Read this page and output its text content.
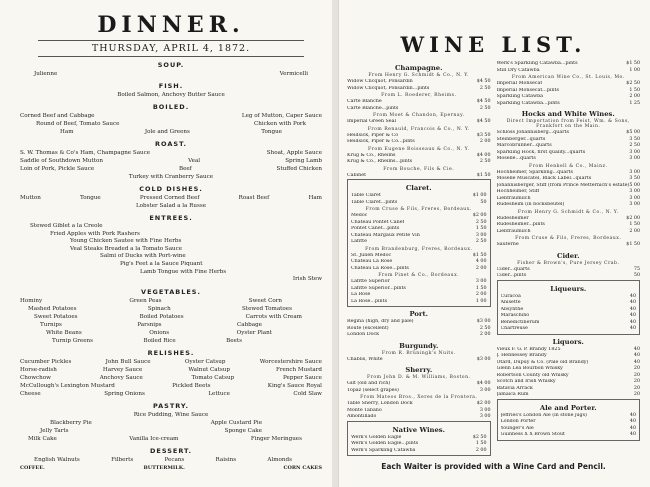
DINNER.
THURSDAY, APRIL 4, 1872.
SOUP.
Julienne	Vermicelli
FISH.
Boiled Salmon, Anchovy Butter Sauce
BOILED.
Corned Beef and Cabbage	Leg of Mutton, Caper Sauce
Round of Beef, Tomato Sauce	Chicken with Pork
Ham	Jole and Greens	Tongue
ROAST.
S. W. Thomas & Co's Ham, Champagne Sauce	Shoat, Apple Sauce
Saddle of Southdown Mutton	Veal	Spring Lamb
Loin of Pork, Pickle Sauce	Beef	Stuffed Chicken
Turkey with Cranberry Sauce
COLD DISHES.
Mutton	Tongue	Pressed Corned Beef	Roast Beef	Ham
Lobster Salad a la Russe
ENTREES.
Stewed Giblet a la Creole
Fried Apples with Pork Rashers
Young Chicken Sautee with Fine Herbs
Veal Steaks Breaded a la Tomato Sauce
Salmi of Ducks with Port-wine
Pig's Feet a la Sauce Piquant
Lamb Tongue with Fine Herbs
Irish Stew
VEGETABLES.
Hominy	Green Peas	Sweet Corn
Mashed Potatoes	Spinach	Stewed Tomatoes
Sweet Potatoes	Boiled Potatoes	Carrots with Cream
Turnips	Parsnips	Cabbage
White Beans	Onions	Oyster Plant
Turnip Greens	Boiled Rice	Beets
RELISHES.
Cucumber Pickles	John Bull Sauce	Oyster Catsup	Worcestershire Sauce
Horse-radish	Harvey Sauce	Walnut Catsup	French Mustard
Chowchow	Anchovy Sauce	Tomato Catsup	Pepper Sauce
McCullough's Lexington Mustard	Pickled Beets	King's Sauce Royal
Cheese	Spring Onions	Lettuce	Cold Slaw
PASTRY.
Rice Pudding, Wine Sauce
Blackberry Pie	Apple Custard Pie
Jelly Tarts	Sponge Cake
Milk Cake	Vanilla Ice-cream	Finger Meringues
DESSERT.
English Walnuts	Filberts	Pecans	Raisins	Almonds
COFFEE.	BUTTERMILK.	CORN CAKES
WINE LIST.
Champagne.
From Henry G. Schmidt & Co., N. Y.
Widow Clicquot, Ponsardin	$4 50
Widow Clicquot, Ponsardin...pints	2 50
From L. Roederer, Rheims.
Carte Blanche	$4 50
Carte Blanche...pints	2 50
From Moet & Chandon, Epernay.
Imperial Green Seal	$4 50
From Renauld, Francois & Co., N. Y.
Heidsick, Piper & Co	$3 50
Heidsick, Piper & Co...pints	2 00
From Eugene Boisseaux & Co., N. Y.
Krug & Co., Rheims	$4 00
Krug & Co., Rheims...pints	2 50
From Bouche, Fils & Cie.
Cabinet	$1 50
Claret.
Table Claret	$1 00
Table Claret...pints	50
From Cruse & Fils, Freres, Bordeaux.
Medoc	$2 00
Chateau Pontet Canet	2 50
Pontet Canet...pints	1 50
Chateau Margaux Petite Vin	3 00
Lafitte	2 50
From Brandenburg, Freres, Bordeaux.
St. Julien Medoc	$1 50
Chateau La Rose	4 00
Chateau La Rose...pints	2 00
From Pinet & Co., Bordeaux.
Lafitte Superior	3 00
Lafitte Superior...pints	1 50
La Rose	2 00
La Rose...pints	1 00
Port.
Regina (high, dry and pale)	$3 00
Route (excellent)	2 50
London Dock	2 00
Burgundy.
From R. Brüningk's Nuits.
Chablis, White	$3 00
Sherry.
From John D. & M. Williams, Boston.
Gilt (old and rich)	$4 00
Topaz (select grapes)	3 00
From Mateos Bros., Xeres de la Frontera.
Table Sherry, London Dock	$2 00
Monte Tabano	3 00
Amontillado	3 00
Native Wines.
Werk's Golden Eagle	$2 50
Werk's Golden Eagle...pints	1 50
Werk's Sparkling Catawba	2 00
Werk's Sparkling Catawba...pints	$1 50
Still Dry Catawba	1 00
From American Wine Co., St. Louis, Mo.
Imperial Monsecat	$2 50
Imperial Monsecat...pints	1 50
Sparkling Catawba	2 00
Sparkling Catawba...pints	1 25
Hocks and White Wines.
Direct Importation from Feist, Wm. & Sons, Frankfort on the Main.
Schloss Johannisberg...quarts	$5 00
Steinberger...quarts	3 50
Marcobrunner...quarts	2 50
Sparkling Hock, first quality...quarts	3 00
Moselle...quarts	3 00
From Henkell & Co., Mainz.
Hochheimer, Sparkling...quarts	3 00
Moselle Muscatel, Black Label...quarts	3 50
Johannisberger, Stiff (from Prince Metternich's estate) 5 00
Hochheimer, Stiff	3 00
Liebfraumilch	3 00
Rüdesheim (in bocksbeutel)	3 00
From Henry G. Schmidt & Co., N. Y.
Rüdesheimer	$2 00
Rüdesheimer...pints	1 50
Liebfraumilch	2 00
From Cruse & Fils, Freres, Bordeaux.
Sauterne	$1 50
Cider.
Fisher & Brown's, Pure Jersey Crab.
Cider...quarts	75
Cider...pints	50
Liqueurs.
Curacoa	40
Anisette	40
Absynthe	40
Maraschino	40
Benedictinerum	40
Chartreuse	40
Liquors.
Vieux F. G. P. Brandy 1825	40
J. Hennessey Brandy	40
Otard, Dupuy & Co. (Pale old Brandy)	40
Glenn Lea Bourbon Whisky	20
Robertson County old Whisky	20
Scotch and Irish Whisky	20
Batavia Arrack	20
Jamaica Rum	20
Ale and Porter.
Jeffries's London Ale (in stone jugs)	40
London Porter	40
Younger's Ale	40
Guinness X X Brown Stout	40
Each Waiter is provided with a Wine Card and Pencil.
